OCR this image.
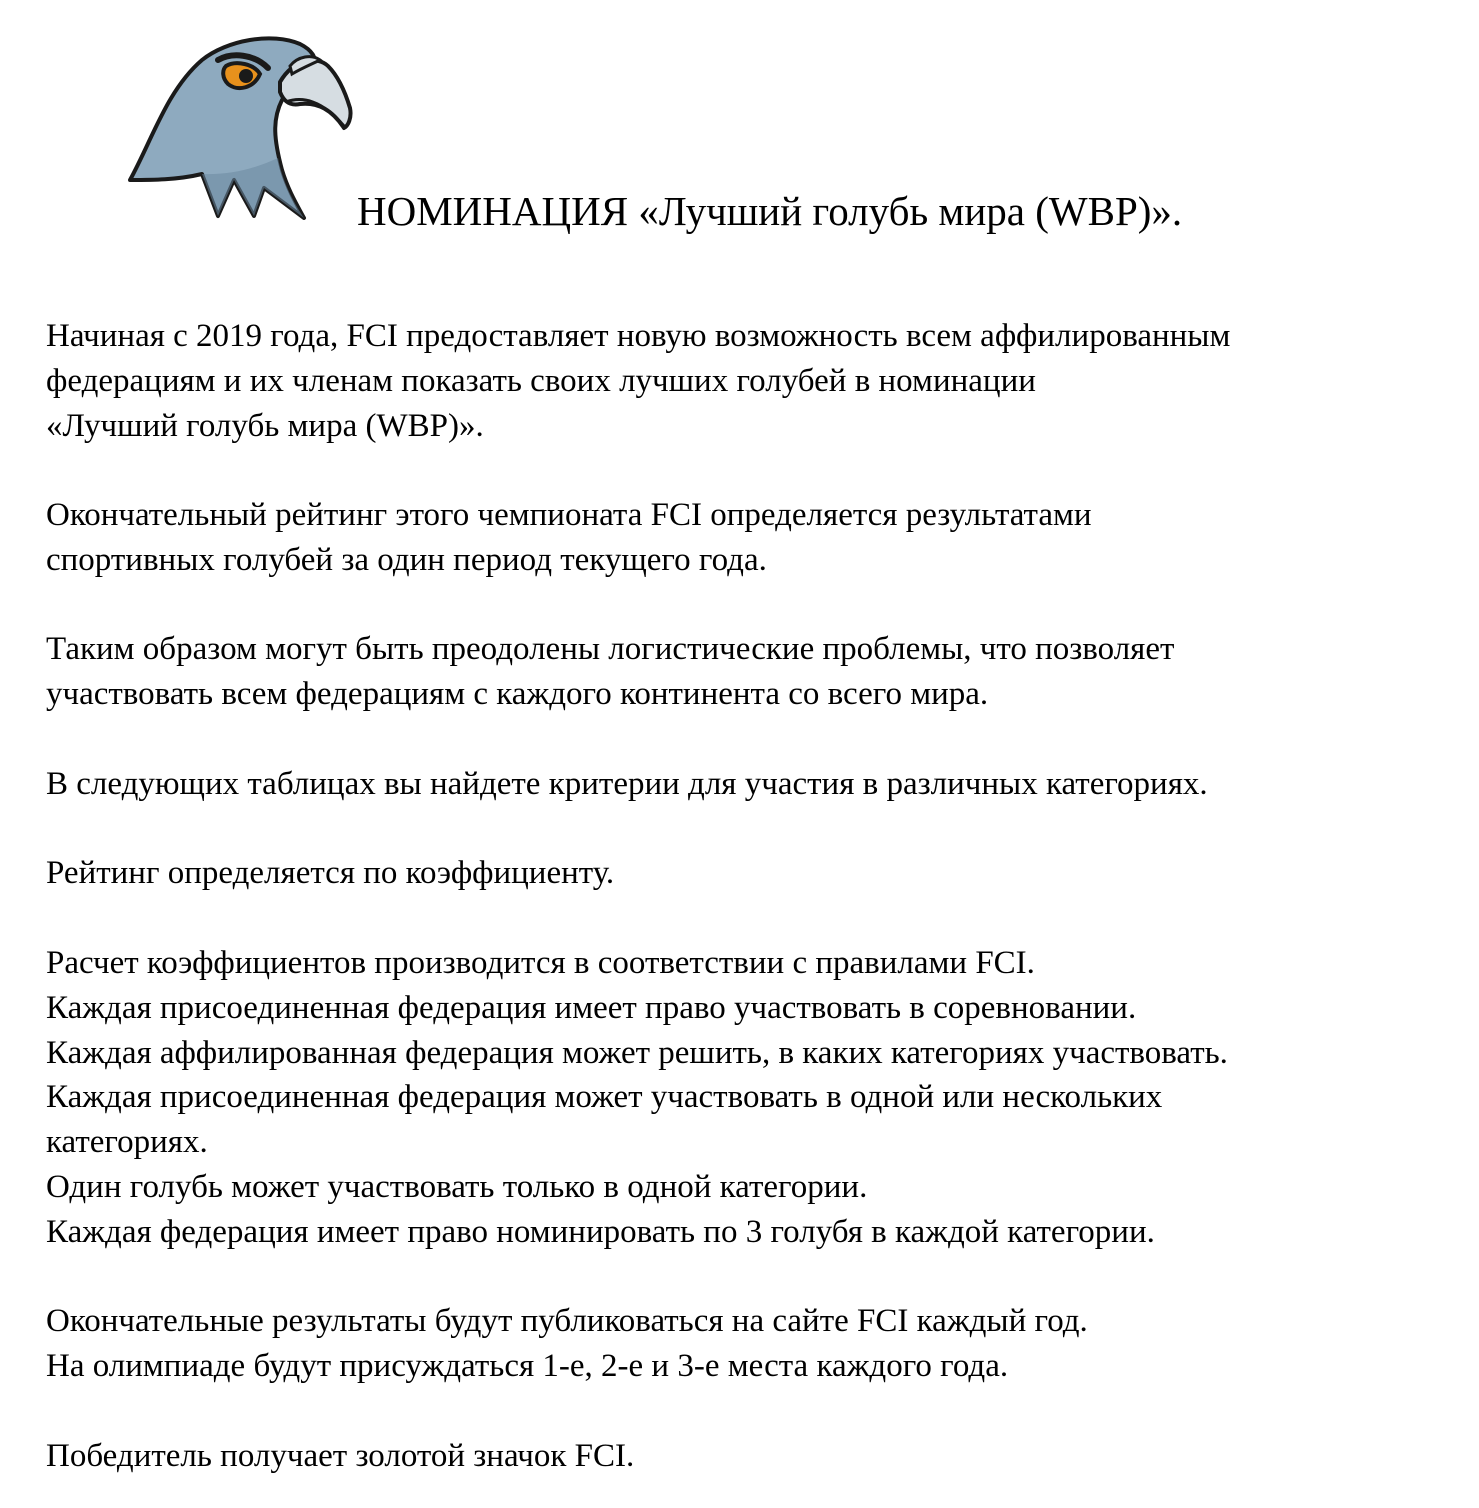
НОМИНАЦИЯ «Лучший голубь мира (WBP)».
Начиная с 2019 года, FCI предоставляет новую возможность всем аффилированным
федерациям и их членам показать своих лучших голубей в номинации
«Лучший голубь мира (WBP)».
Окончательный рейтинг этого чемпионата FCI определяется результатами
спортивных голубей за один период текущего года.
Таким образом могут быть преодолены логистические проблемы, что позволяет
участвовать всем федерациям с каждого континента со всего мира.
В следующих таблицах вы найдете критерии для участия в различных категориях.
Рейтинг определяется по коэффициенту.
Расчет коэффициентов производится в соответствии с правилами FCI.
Каждая присоединенная федерация имеет право участвовать в соревновании.
Каждая аффилированная федерация может решить, в каких категориях участвовать.
Каждая присоединенная федерация может участвовать в одной или нескольких
категориях.
Один голубь может участвовать только в одной категории.
Каждая федерация имеет право номинировать по 3 голубя в каждой категории.
Окончательные результаты будут публиковаться на сайте FCI каждый год.
На олимпиаде будут присуждаться 1-е, 2-е и 3-е места каждого года.
Победитель получает золотой значок FCI.
